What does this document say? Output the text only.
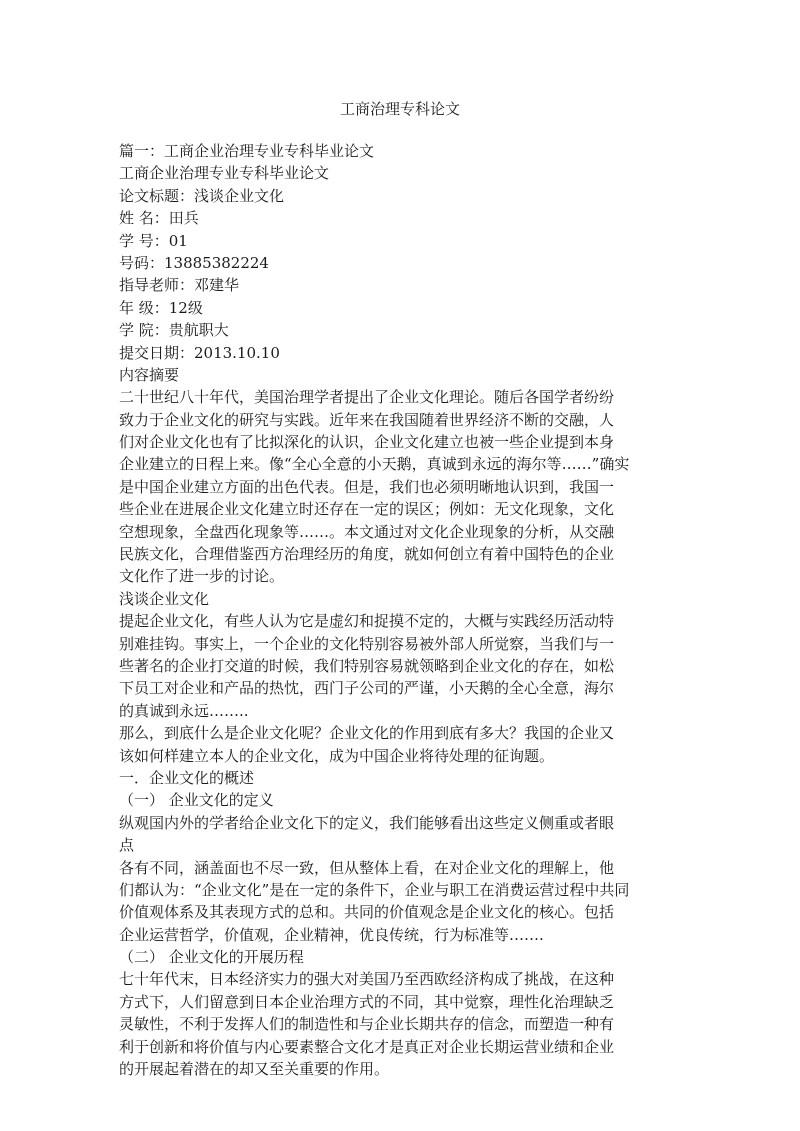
工商治理专科论文
篇一：工商企业治理专业专科毕业论文
工商企业治理专业专科毕业论文
论文标题：浅谈企业文化
姓 名：田兵
学 号：01
号码：13885382224
指导老师：邓建华
年 级：12级
学 院：贵航职大
提交日期：2013.10.10
内容摘要
二十世纪八十年代，美国治理学者提出了企业文化理论。随后各国学者纷纷
致力于企业文化的研究与实践。近年来在我国随着世界经济不断的交融，人
们对企业文化也有了比拟深化的认识，企业文化建立也被一些企业提到本身
企业建立的日程上来。像“全心全意的小天鹅，真诚到永远的海尔等……”确实
是中国企业建立方面的出色代表。但是，我们也必须明晰地认识到，我国一
些企业在进展企业文化建立时还存在一定的误区；例如：无文化现象，文化
空想现象，全盘西化现象等……。本文通过对文化企业现象的分析，从交融
民族文化，合理借鉴西方治理经历的角度，就如何创立有着中国特色的企业
文化作了进一步的讨论。
浅谈企业文化
提起企业文化，有些人认为它是虚幻和捉摸不定的，大概与实践经历活动特
别难挂钩。事实上，一个企业的文化特别容易被外部人所觉察，当我们与一
些著名的企业打交道的时候，我们特别容易就领略到企业文化的存在，如松
下员工对企业和产品的热忱，西门子公司的严谨，小天鹅的全心全意，海尔
的真诚到永远……..
那么，到底什么是企业文化呢？企业文化的作用到底有多大？我国的企业又
该如何样建立本人的企业文化，成为中国企业将待处理的征询题。
一．企业文化的概述
（一） 企业文化的定义
纵观国内外的学者给企业文化下的定义，我们能够看出这些定义侧重或者眼
点
各有不同，涵盖面也不尽一致，但从整体上看，在对企业文化的理解上，他
们都认为：“企业文化”是在一定的条件下，企业与职工在消费运营过程中共同
价值观体系及其表现方式的总和。共同的价值观念是企业文化的核心。包括
企业运营哲学，价值观，企业精神，优良传统，行为标准等…….
（二） 企业文化的开展历程
七十年代末，日本经济实力的强大对美国乃至西欧经济构成了挑战，在这种
方式下，人们留意到日本企业治理方式的不同，其中觉察，理性化治理缺乏
灵敏性，不利于发挥人们的制造性和与企业长期共存的信念，而塑造一种有
利于创新和将价值与内心要素整合文化才是真正对企业长期运营业绩和企业
的开展起着潜在的却又至关重要的作用。
